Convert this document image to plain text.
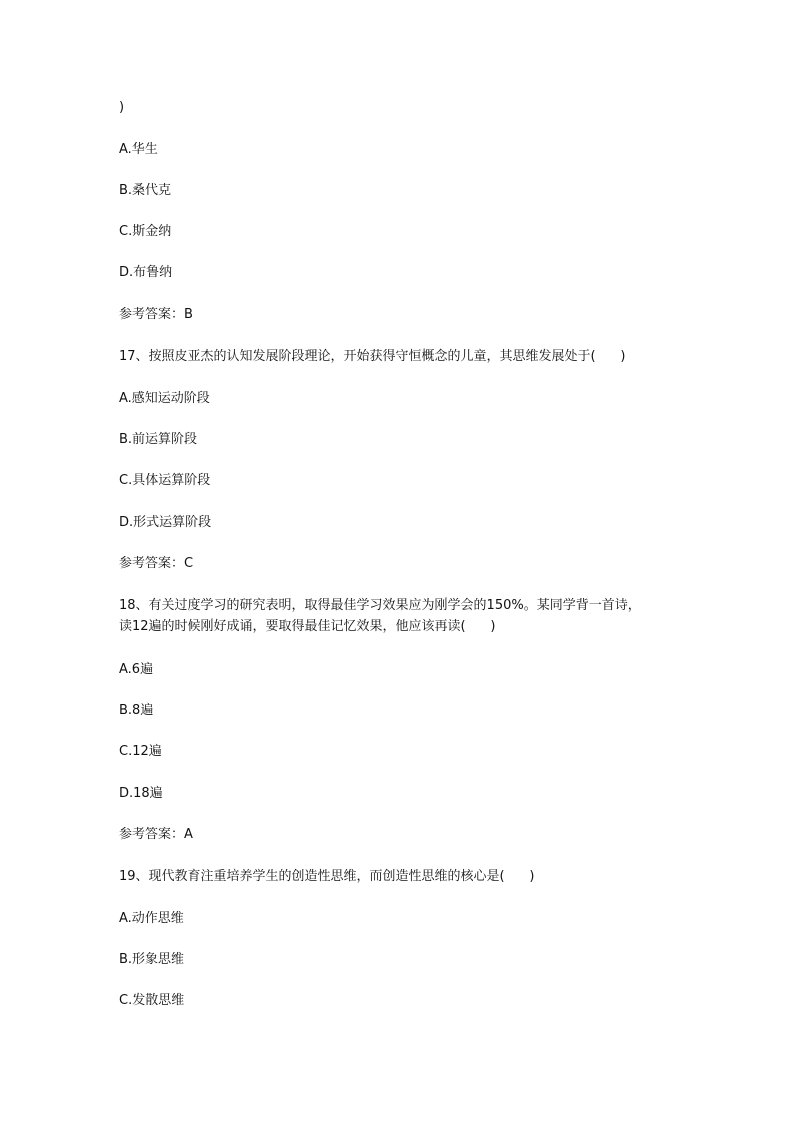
)
A.华生
B.桑代克
C.斯金纳
D.布鲁纳
参考答案：B
17、按照皮亚杰的认知发展阶段理论，开始获得守恒概念的儿童，其思维发展处于(      )
A.感知运动阶段
B.前运算阶段
C.具体运算阶段
D.形式运算阶段
参考答案：C
18、有关过度学习的研究表明，取得最佳学习效果应为刚学会的150%。某同学背一首诗，
读12遍的时候刚好成诵，要取得最佳记忆效果，他应该再读(      )
A.6遍
B.8遍
C.12遍
D.18遍
参考答案：A
19、现代教育注重培养学生的创造性思维，而创造性思维的核心是(      )
A.动作思维
B.形象思维
C.发散思维
